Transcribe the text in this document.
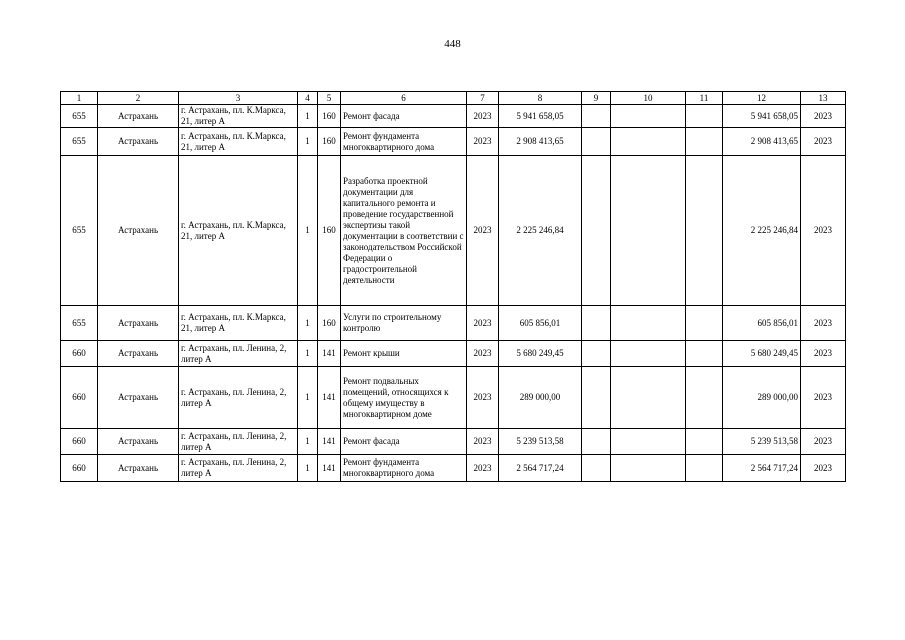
448
1	2	3	4	5	6	7	8	9	10	11	12	13
655	Астрахань	г. Астрахань, пл. К.Маркса, 21, литер А	1	160	Ремонт фасада	2023	5 941 658,05				5 941 658,05	2023
655	Астрахань	г. Астрахань, пл. К.Маркса, 21, литер А	1	160	Ремонт фундамента многоквартирного дома	2023	2 908 413,65				2 908 413,65	2023
655	Астрахань	г. Астрахань, пл. К.Маркса, 21, литер А	1	160	Разработка проектной документации для капитального ремонта и проведение государственной экспертизы такой документации в соответствии с законодательством Российской Федерации о градостроительной деятельности	2023	2 225 246,84				2 225 246,84	2023
655	Астрахань	г. Астрахань, пл. К.Маркса, 21, литер А	1	160	Услуги по строительному контролю	2023	605 856,01				605 856,01	2023
660	Астрахань	г. Астрахань, пл. Ленина, 2, литер А	1	141	Ремонт крыши	2023	5 680 249,45				5 680 249,45	2023
660	Астрахань	г. Астрахань, пл. Ленина, 2, литер А	1	141	Ремонт подвальных помещений, относящихся к общему имуществу в многоквартирном доме	2023	289 000,00				289 000,00	2023
660	Астрахань	г. Астрахань, пл. Ленина, 2, литер А	1	141	Ремонт фасада	2023	5 239 513,58				5 239 513,58	2023
660	Астрахань	г. Астрахань, пл. Ленина, 2, литер А	1	141	Ремонт фундамента многоквартирного дома	2023	2 564 717,24				2 564 717,24	2023
